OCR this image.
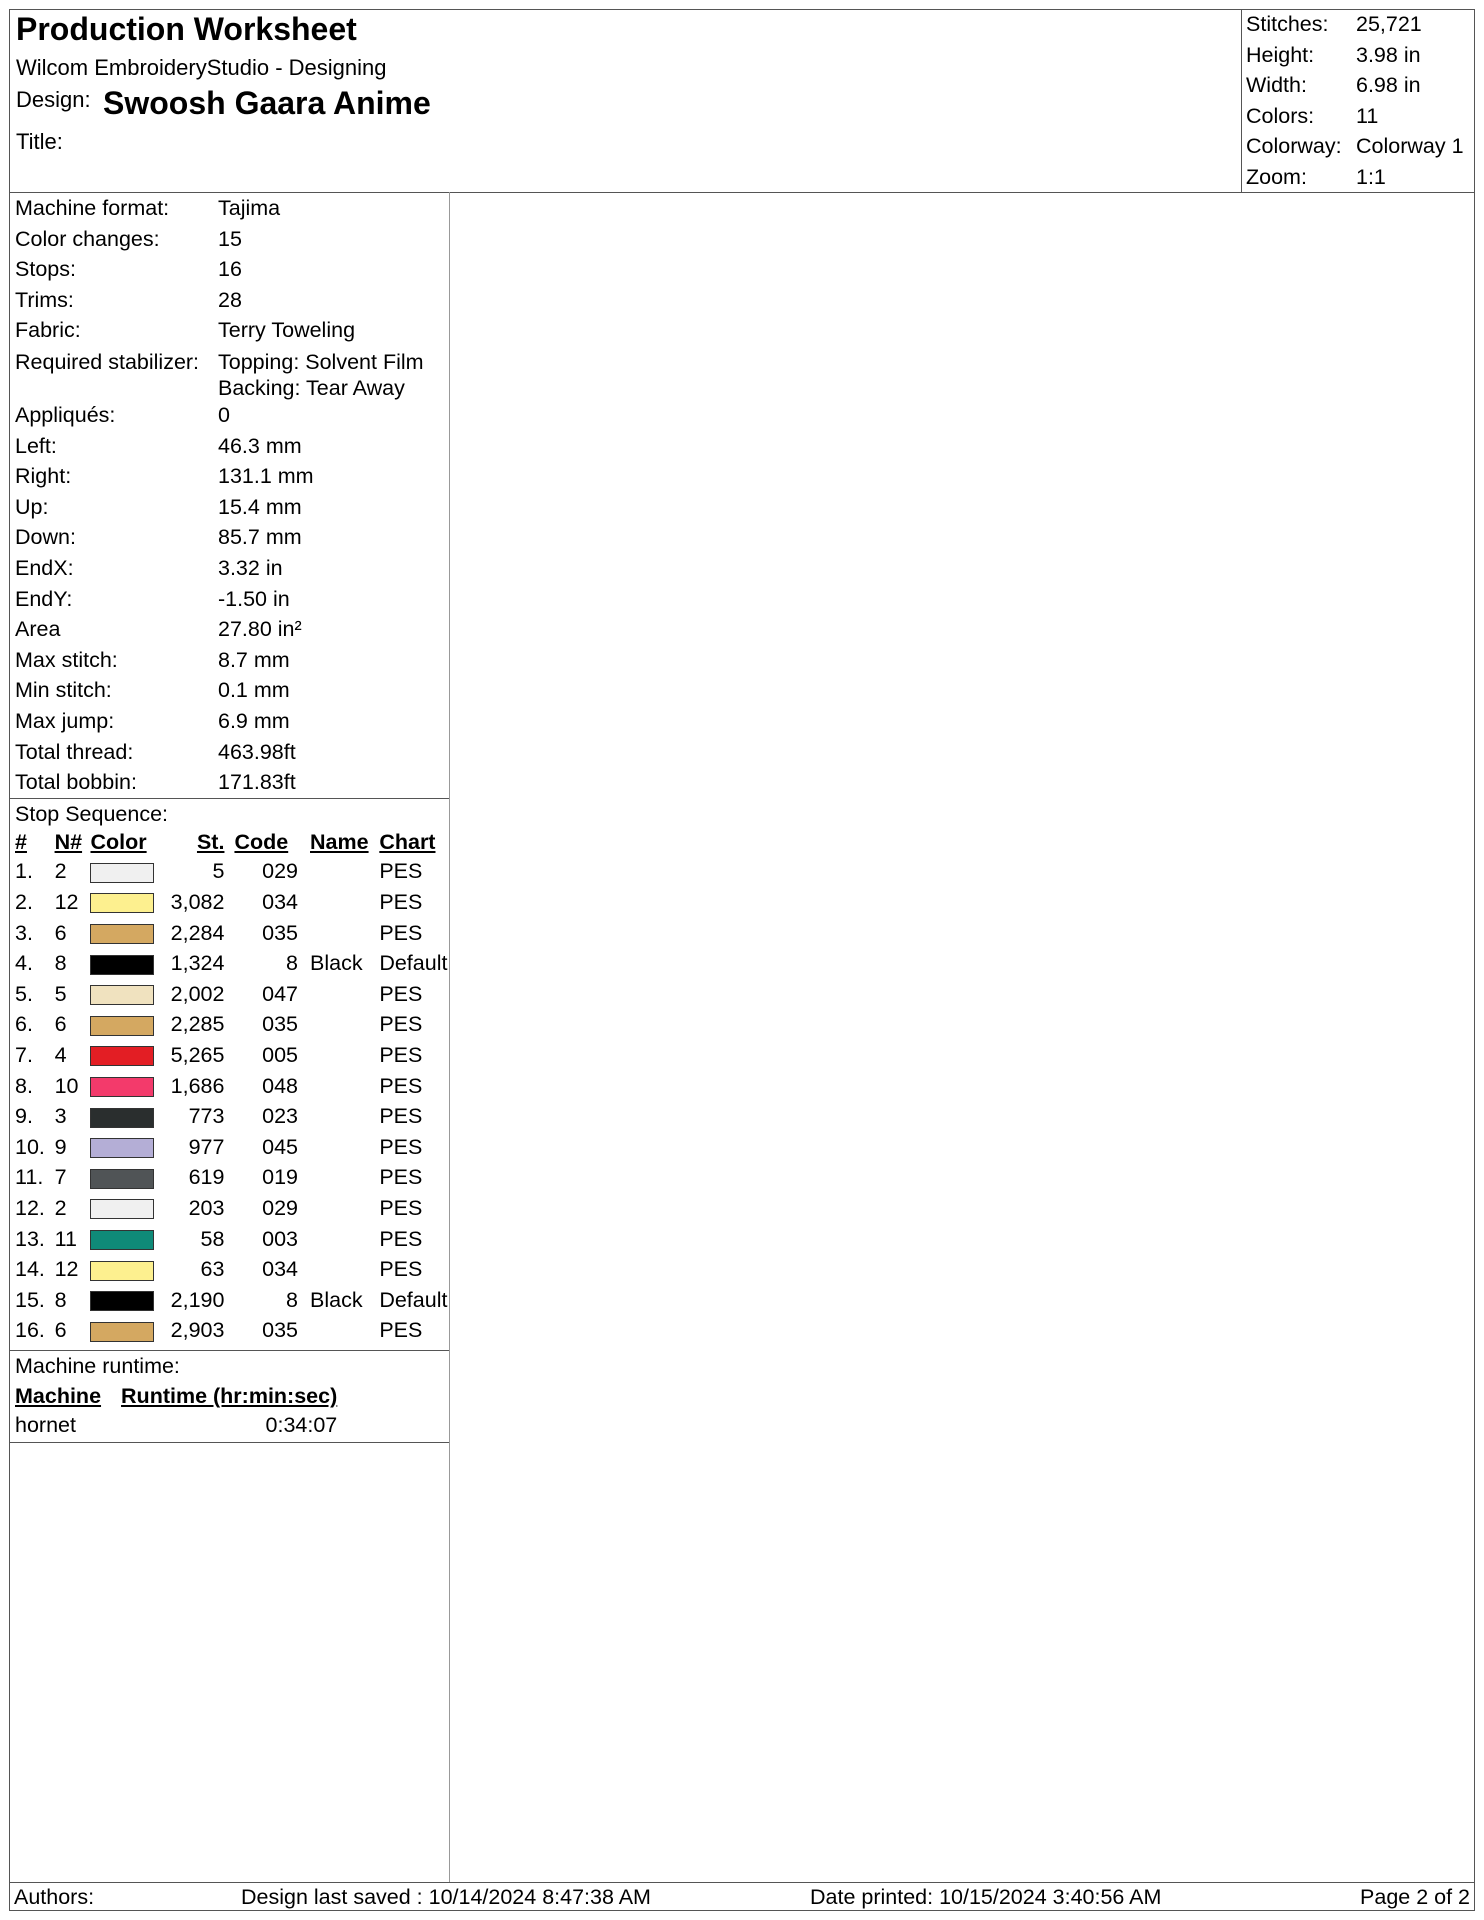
Production Worksheet
Wilcom EmbroideryStudio - Designing
Design: Swoosh Gaara Anime
Title:
Stitches: 25,721
Height: 3.98 in
Width: 6.98 in
Colors: 11
Colorway: Colorway 1
Zoom: 1:1
Machine format: Tajima
Color changes:	15
Stops:	16
Trims:	28
Fabric:	Terry Toweling
Required stabilizer: Topping: Solvent Film
Backing: Tear Away
Appliqués:	0
Left:	46.3 mm
Right:	131.1 mm
Up:	15.4 mm
Down:	85.7 mm
EndX:	3.32 in
EndY:	-1.50 in
Area	27.80 in²
Max stitch:	8.7 mm
Min stitch:	0.1 mm
Max jump:	6.9 mm
Total thread:	463.98ft
Total bobbin:	171.83ft
Stop Sequence:
#	N#	Color	St.	Code	Name	Chart
1.	2		5	029		PES
2.	12		3,082	034		PES
3.	6		2,284	035		PES
4.	8		1,324	8	Black	Default
5.	5		2,002	047		PES
6.	6		2,285	035		PES
7.	4		5,265	005		PES
8.	10		1,686	048		PES
9.	3		773	023		PES
10.	9		977	045		PES
11.	7		619	019		PES
12.	2		203	029		PES
13.	11		58	003		PES
14.	12		63	034		PES
15.	8		2,190	8	Black	Default
16.	6		2,903	035		PES
Machine runtime:
Machine	Runtime (hr:min:sec)
hornet	0:34:07
Authors:	Design last saved : 10/14/2024 8:47:38 AM	Date printed: 10/15/2024 3:40:56 AM	Page 2 of 2
